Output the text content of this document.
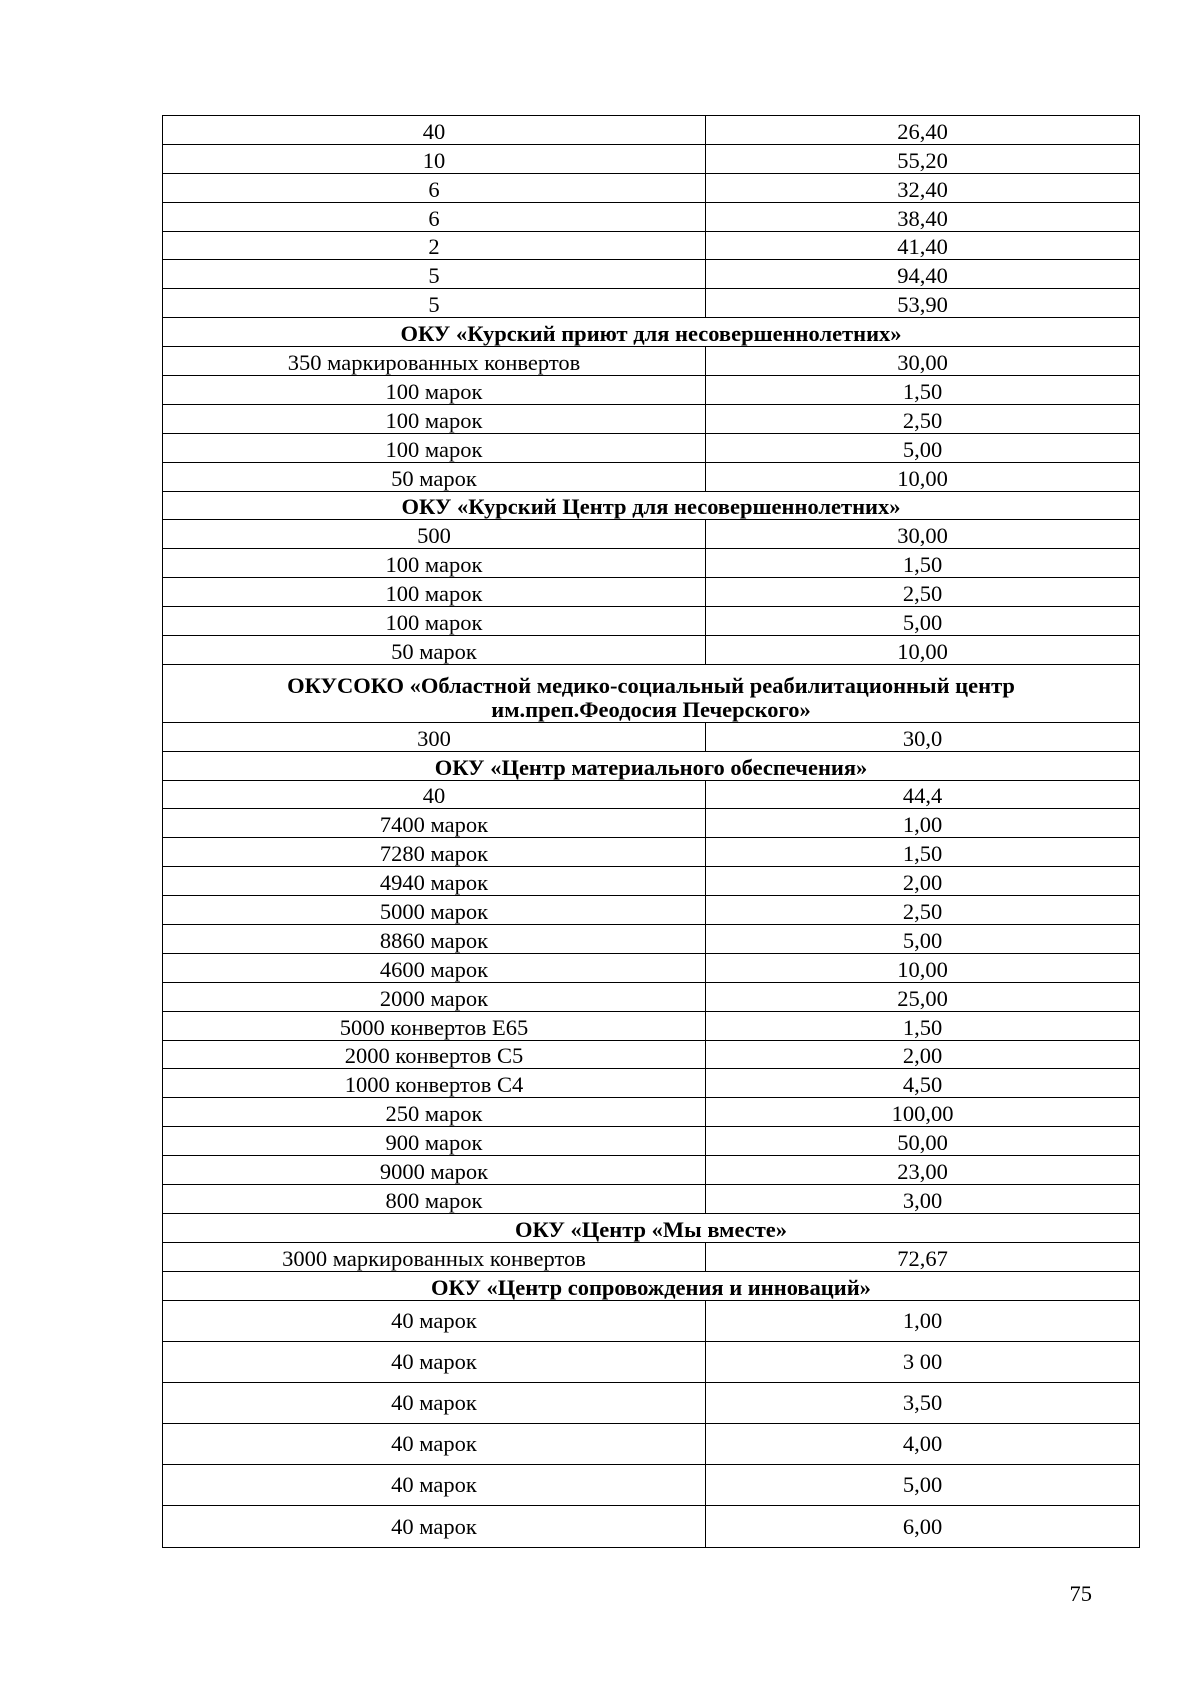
40	26,40
10	55,20
6	32,40
6	38,40
2	41,40
5	94,40
5	53,90
ОКУ «Курский приют для несовершеннолетних»	
350 маркированных конвертов	30,00
100 марок	1,50
100 марок	2,50
100 марок	5,00
50 марок	10,00
ОКУ «Курский Центр для несовершеннолетних»	
500	30,00
100 марок	1,50
100 марок	2,50
100 марок	5,00
50 марок	10,00

ОКУСОКО «Областной медико-социальный реабилитационный центр
им.преп.Феодосия Печерского»	

300	30,0
ОКУ «Центр материального обеспечения»	
40	44,4
7400 марок	1,00
7280 марок	1,50
4940 марок	2,00
5000 марок	2,50
8860 марок	5,00
4600 марок	10,00
2000 марок	25,00
5000 конвертов Е65	1,50
2000 конвертов С5	2,00
1000 конвертов С4	4,50
250 марок	100,00
900 марок	50,00
9000 марок	23,00
800 марок	3,00
ОКУ «Центр «Мы вместе»	
3000 маркированных конвертов	72,67
ОКУ «Центр сопровождения и инноваций»	
40 марок	1,00
40 марок	3 00
40 марок	3,50
40 марок	4,00
40 марок	5,00
40 марок	6,00
75
